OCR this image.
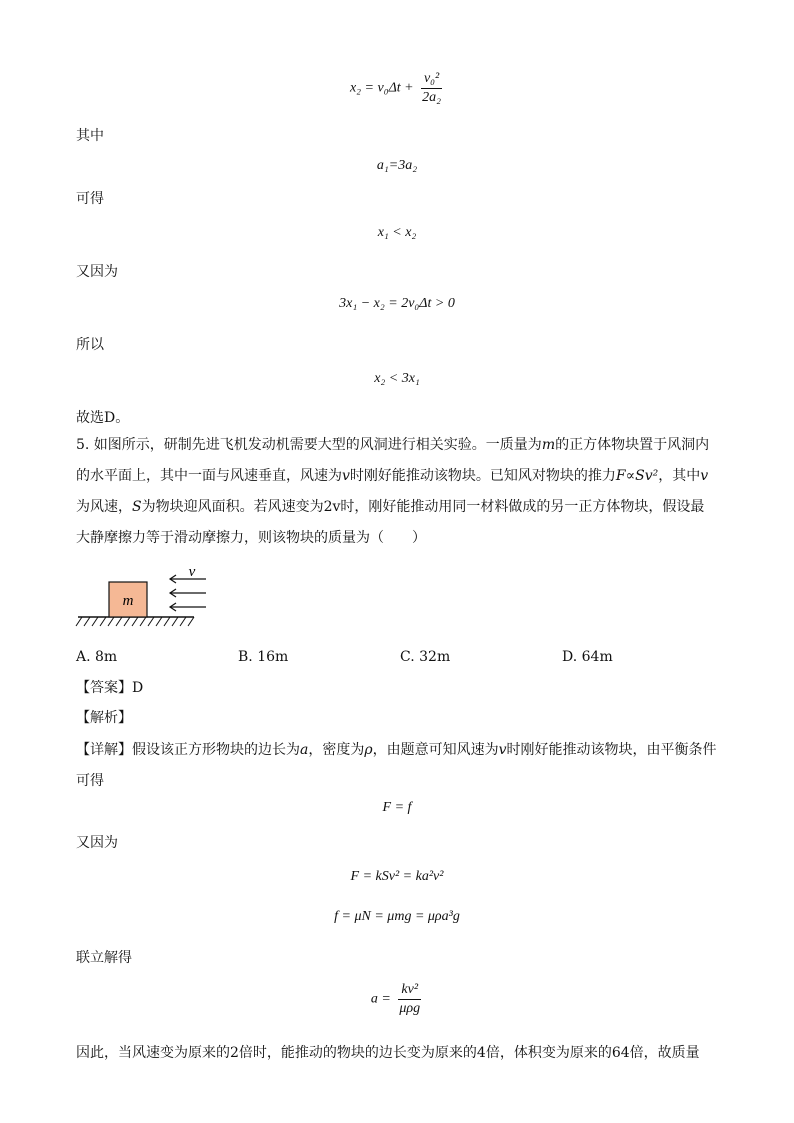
$x_2 = v_0\Delta t + \frac{\text{v₀²}}{\text{2a₂}}$
其中
a₁=3a₂
可得
x₁ < x₂
又因为
3x₁ − x₂ = 2v₀Δt > 0
所以
x₂ < 3x₁
故选D。
5. 如图所示，研制先进飞机发动机需要大型的风洞进行相关实验。一质量为m的正方体物块置于风洞内的水平面上，其中一面与风速垂直，风速为v时刚好能推动该物块。已知风对物块的推力F∝Sv²，其中v为风速，S为物块迎风面积。若风速变为2v时，刚好能推动用同一材料做成的另一正方体物块，假设最大静摩擦力等于滑动摩擦力，则该物块的质量为（　　）
m
v
A. 8m	B. 16m	C. 32m	D. 64m
【答案】D
【解析】
【详解】假设该正方形物块的边长为a，密度为ρ，由题意可知风速为v时刚好能推动该物块，由平衡条件可得
F = f
又因为
F = kSv² = ka²v²
f = μN = μmg = μρa³g
联立解得
$a = \frac{\text{kv²}}{\text{μρg}}$
因此，当风速变为原来的2倍时，能推动的物块的边长变为原来的4倍，体积变为原来的64倍，故质量
